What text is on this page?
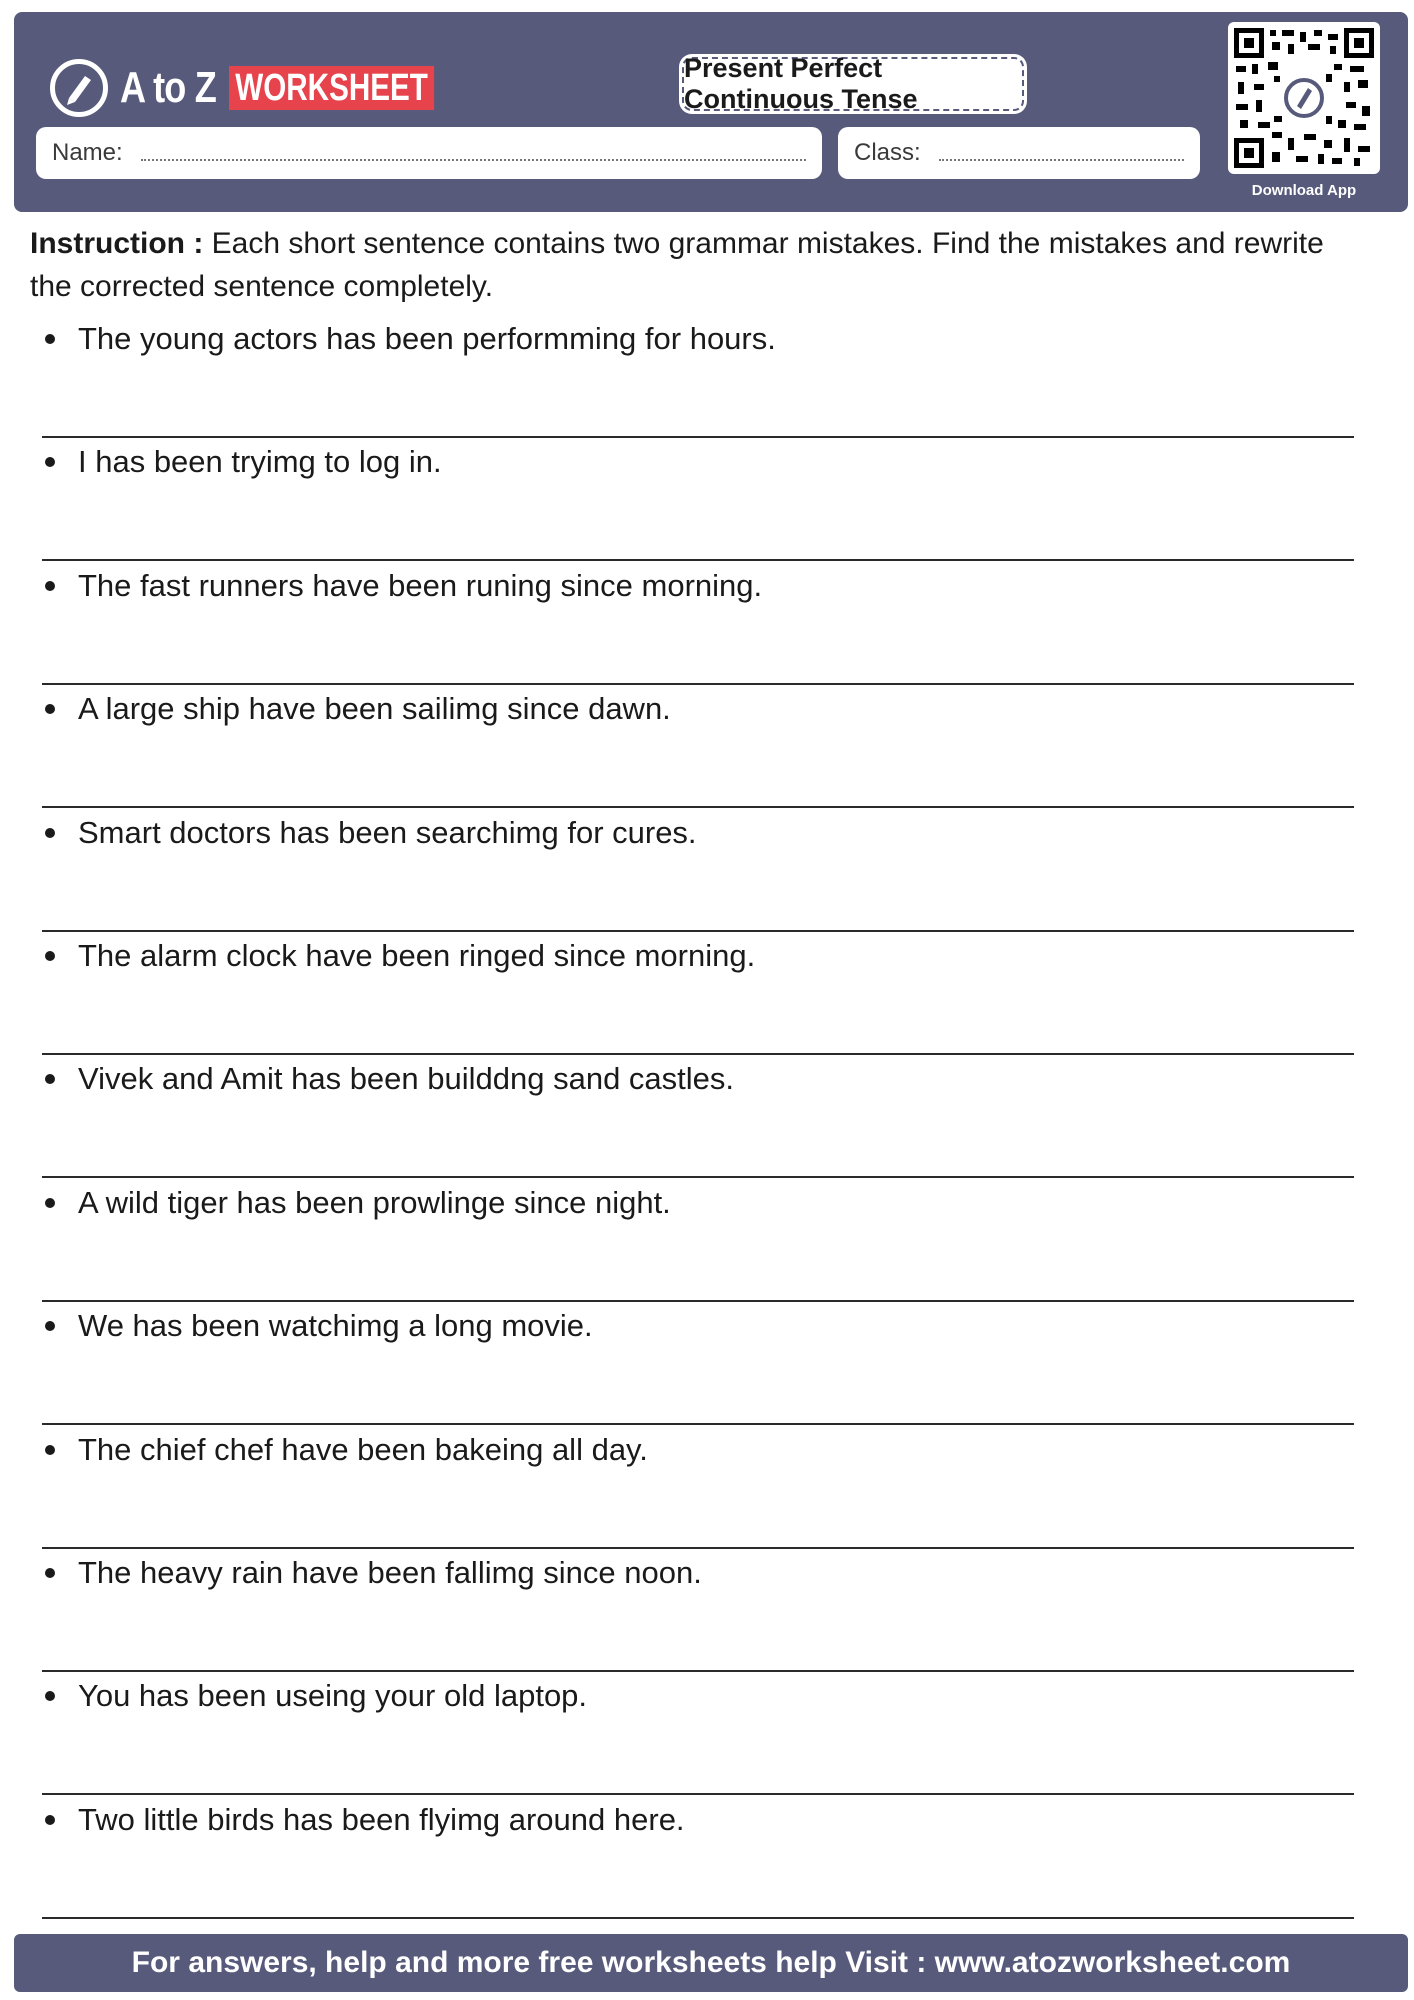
A to Z WORKSHEET	Present Perfect Continuous Tense
Name:	Class:
Download App
Instruction : Each short sentence contains two grammar mistakes. Find the mistakes and rewrite the corrected sentence completely.
The young actors has been performming for hours.
I has been tryimg to log in.
The fast runners have been runing since morning.
A large ship have been sailimg since dawn.
Smart doctors has been searchimg for cures.
The alarm clock have been ringed since morning.
Vivek and Amit has been builddng sand castles.
A wild tiger has been prowlinge since night.
We has been watchimg a long movie.
The chief chef have been bakeing all day.
The heavy rain have been fallimg since noon.
You has been useing your old laptop.
Two little birds has been flyimg around here.
For answers, help and more free worksheets help Visit : www.atozworksheet.com
